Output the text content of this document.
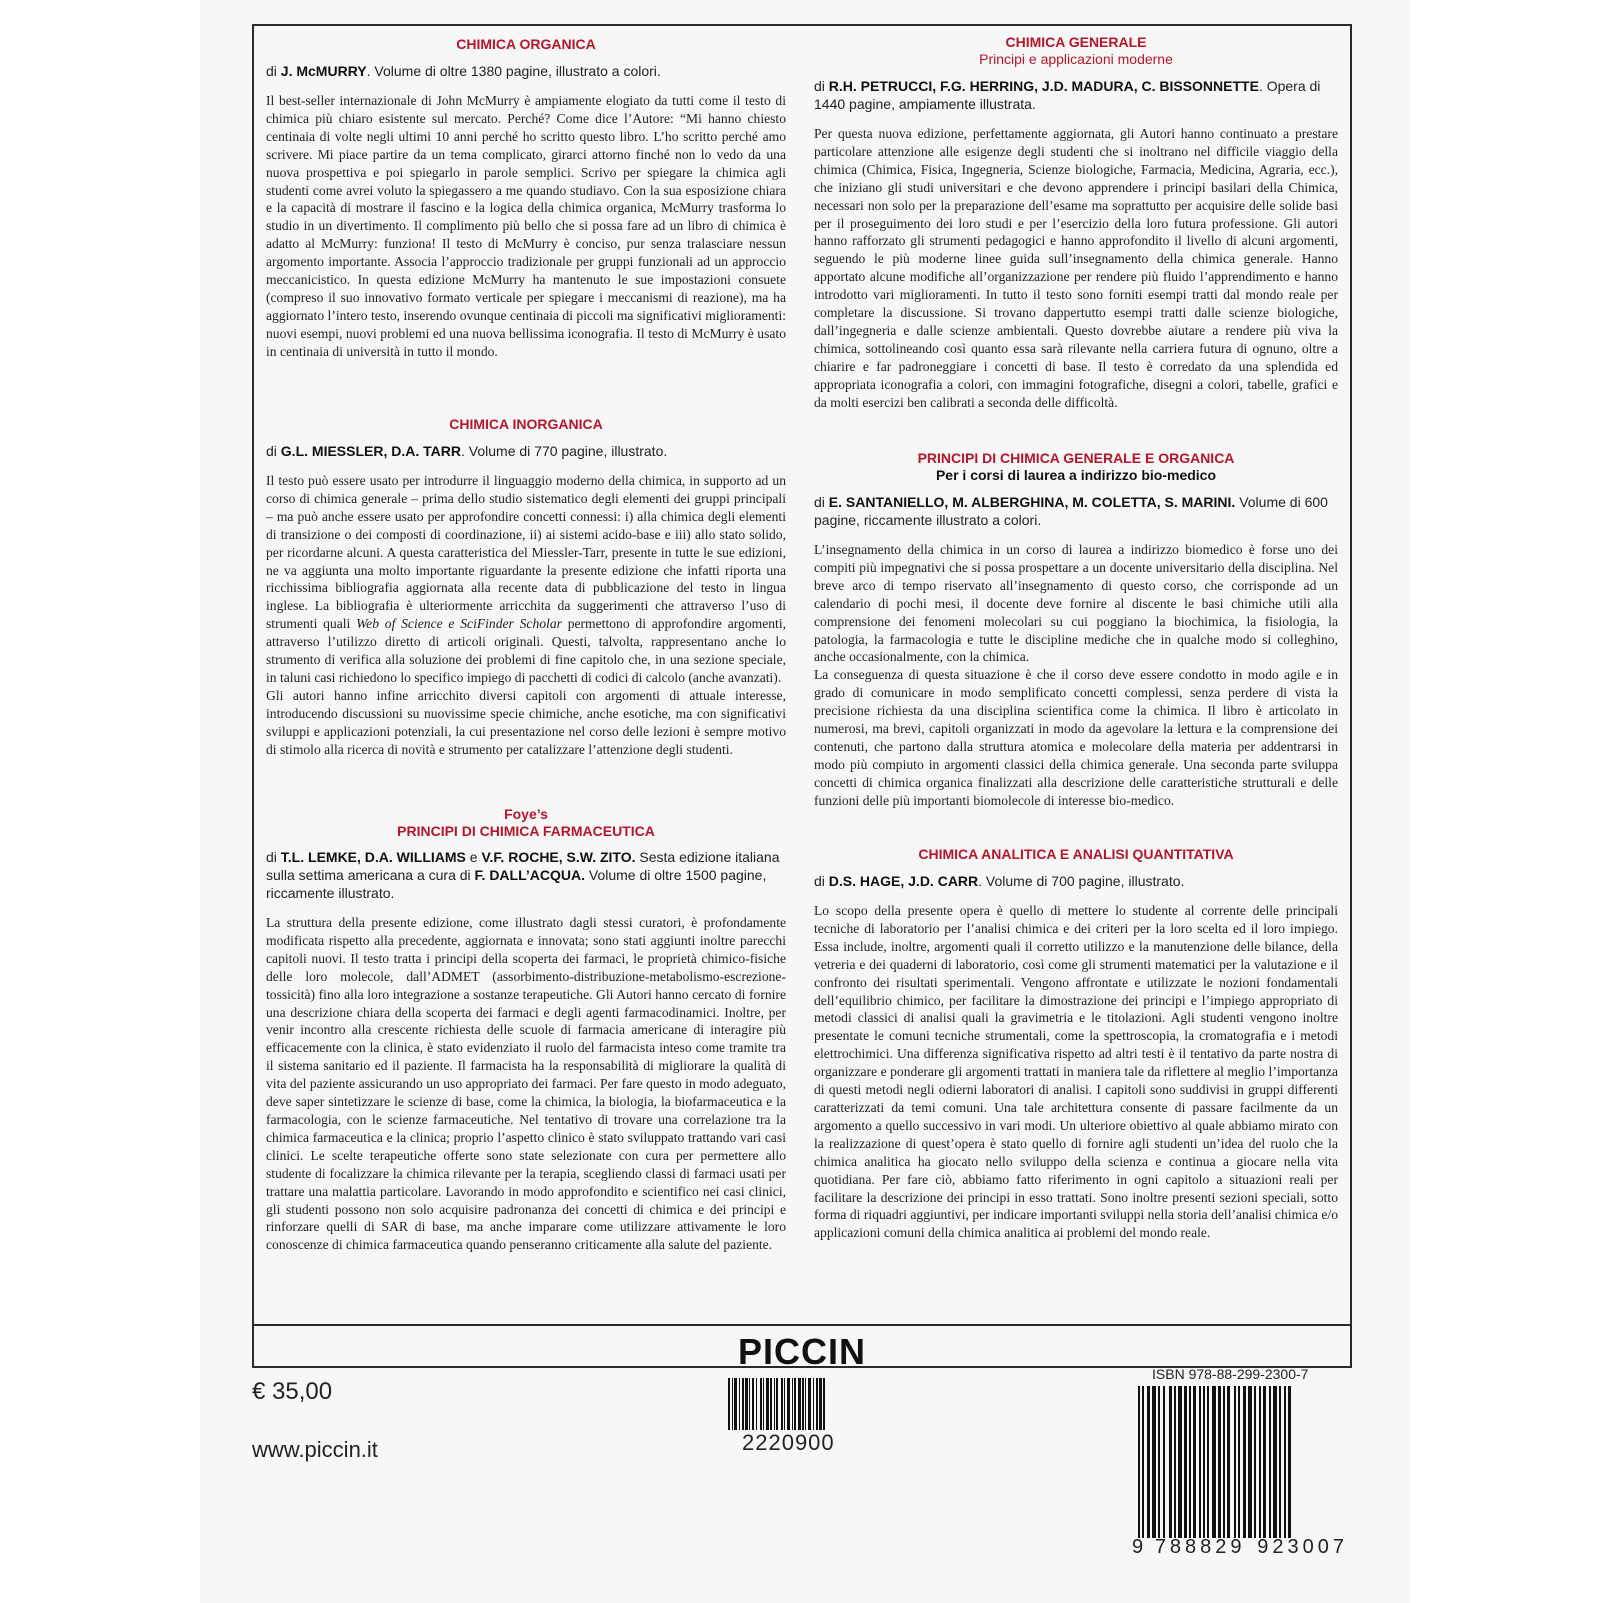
CHIMICA ORGANICA

di J. McMURRY. Volume di oltre 1380 pagine, illustrato a colori.

Il best-seller internazionale di John McMurry è ampiamente elogiato da tutti come il testo di chimica più chiaro esistente sul mercato. Perché? Come dice l’Autore: “Mi hanno chiesto centinaia di volte negli ultimi 10 anni perché ho scritto questo libro. L’ho scritto perché amo scrivere. Mi piace partire da un tema complicato, girarci attorno finché non lo vedo da una nuova prospettiva e poi spiegarlo in parole semplici. Scrivo per spiegare la chimica agli studenti come avrei voluto la spiegassero a me quando studiavo. Con la sua esposizione chiara e la capacità di mostrare il fascino e la logica della chimica organica, McMurry trasforma lo studio in un divertimento. Il complimento più bello che si possa fare ad un libro di chimica è adatto al McMurry: funziona! Il testo di McMurry è conciso, pur senza tralasciare nessun argomento importante. Associa l’approccio tradizionale per gruppi funzionali ad un approccio meccanicistico. In questa edizione McMurry ha mantenuto le sue impostazioni consuete (compreso il suo innovativo formato verticale per spiegare i meccanismi di reazione), ma ha aggiornato l’intero testo, inserendo ovunque centinaia di piccoli ma significativi miglioramenti: nuovi esempi, nuovi problemi ed una nuova bellissima iconografia. Il testo di McMurry è usato in centinaia di università in tutto il mondo.

CHIMICA INORGANICA

di G.L. MIESSLER, D.A. TARR. Volume di 770 pagine, illustrato.

Il testo può essere usato per introdurre il linguaggio moderno della chimica, in supporto ad un corso di chimica generale – prima dello studio sistematico degli elementi dei gruppi principali – ma può anche essere usato per approfondire concetti connessi: i) alla chimica degli elementi di transizione o dei composti di coordinazione, ii) ai sistemi acido-base e iii) allo stato solido, per ricordarne alcuni. A questa caratteristica del Miessler-Tarr, presente in tutte le sue edizioni, ne va aggiunta una molto importante riguardante la presente edizione che infatti riporta una ricchissima bibliografia aggiornata alla recente data di pubblicazione del testo in lingua inglese. La bibliografia è ulteriormente arricchita da suggerimenti che attraverso l’uso di strumenti quali Web of Science e SciFinder Scholar permettono di approfondire argomenti, attraverso l’utilizzo diretto di articoli originali. Questi, talvolta, rappresentano anche lo strumento di verifica alla soluzione dei problemi di fine capitolo che, in una sezione speciale, in taluni casi richiedono lo specifico impiego di pacchetti di codici di calcolo (anche avanzati).

Gli autori hanno infine arricchito diversi capitoli con argomenti di attuale interesse, introducendo discussioni su nuovissime specie chimiche, anche esotiche, ma con significativi sviluppi e applicazioni potenziali, la cui presentazione nel corso delle lezioni è sempre motivo di stimolo alla ricerca di novità e strumento per catalizzare l’attenzione degli studenti.

Foye’s

PRINCIPI DI CHIMICA FARMACEUTICA

di T.L. LEMKE, D.A. WILLIAMS e V.F. ROCHE, S.W. ZITO. Sesta edizione italiana sulla settima americana a cura di F. DALL’ACQUA. Volume di oltre 1500 pagine, riccamente illustrato.

La struttura della presente edizione, come illustrato dagli stessi curatori, è profondamente modificata rispetto alla precedente, aggiornata e innovata; sono stati aggiunti inoltre parecchi capitoli nuovi. Il testo tratta i principi della scoperta dei farmaci, le proprietà chimico-fisiche delle loro molecole, dall’ADMET (assorbimento-distribuzione-metabolismo-escrezione-tossicità) fino alla loro integrazione a sostanze terapeutiche. Gli Autori hanno cercato di fornire una descrizione chiara della scoperta dei farmaci e degli agenti farmacodinamici. Inoltre, per venir incontro alla crescente richiesta delle scuole di farmacia americane di interagire più efficacemente con la clinica, è stato evidenziato il ruolo del farmacista inteso come tramite tra il sistema sanitario ed il paziente. Il farmacista ha la responsabilità di migliorare la qualità di vita del paziente assicurando un uso appropriato dei farmaci. Per fare questo in modo adeguato, deve saper sintetizzare le scienze di base, come la chimica, la biologia, la biofarmaceutica e la farmacologia, con le scienze farmaceutiche. Nel tentativo di trovare una correlazione tra la chimica farmaceutica e la clinica; proprio l’aspetto clinico è stato sviluppato trattando vari casi clinici. Le scelte terapeutiche offerte sono state selezionate con cura per permettere allo studente di focalizzare la chimica rilevante per la terapia, scegliendo classi di farmaci usati per trattare una malattia particolare. Lavorando in modo approfondito e scientifico nei casi clinici, gli studenti possono non solo acquisire padronanza dei concetti di chimica e dei principi e rinforzare quelli di SAR di base, ma anche imparare come utilizzare attivamente le loro conoscenze di chimica farmaceutica quando penseranno criticamente alla salute del paziente.

CHIMICA GENERALE

Principi e applicazioni moderne

di R.H. PETRUCCI, F.G. HERRING, J.D. MADURA, C. BISSONNETTE. Opera di 1440 pagine, ampiamente illustrata.

Per questa nuova edizione, perfettamente aggiornata, gli Autori hanno continuato a prestare particolare attenzione alle esigenze degli studenti che si inoltrano nel difficile viaggio della chimica (Chimica, Fisica, Ingegneria, Scienze biologiche, Farmacia, Medicina, Agraria, ecc.), che iniziano gli studi universitari e che devono apprendere i principi basilari della Chimica, necessari non solo per la preparazione dell’esame ma soprattutto per acquisire delle solide basi per il proseguimento dei loro studi e per l’esercizio della loro futura professione. Gli autori hanno rafforzato gli strumenti pedagogici e hanno approfondito il livello di alcuni argomenti, seguendo le più moderne linee guida sull’insegnamento della chimica generale. Hanno apportato alcune modifiche all’organizzazione per rendere più fluido l’apprendimento e hanno introdotto vari miglioramenti. In tutto il testo sono forniti esempi tratti dal mondo reale per completare la discussione. Si trovano dappertutto esempi tratti dalle scienze biologiche, dall’ingegneria e dalle scienze ambientali. Questo dovrebbe aiutare a rendere più viva la chimica, sottolineando così quanto essa sarà rilevante nella carriera futura di ognuno, oltre a chiarire e far padroneggiare i concetti di base. Il testo è corredato da una splendida ed appropriata iconografia a colori, con immagini fotografiche, disegni a colori, tabelle, grafici e da molti esercizi ben calibrati a seconda delle difficoltà.

PRINCIPI DI CHIMICA GENERALE E ORGANICA

Per i corsi di laurea a indirizzo bio-medico

di E. SANTANIELLO, M. ALBERGHINA, M. COLETTA, S. MARINI. Volume di 600 pagine, riccamente illustrato a colori.

L’insegnamento della chimica in un corso di laurea a indirizzo biomedico è forse uno dei compiti più impegnativi che si possa prospettare a un docente universitario della disciplina. Nel breve arco di tempo riservato all’insegnamento di questo corso, che corrisponde ad un calendario di pochi mesi, il docente deve fornire al discente le basi chimiche utili alla comprensione dei fenomeni molecolari su cui poggiano la biochimica, la fisiologia, la patologia, la farmacologia e tutte le discipline mediche che in qualche modo si colleghino, anche occasionalmente, con la chimica.

La conseguenza di questa situazione è che il corso deve essere condotto in modo agile e in grado di comunicare in modo semplificato concetti complessi, senza perdere di vista la precisione richiesta da una disciplina scientifica come la chimica. Il libro è articolato in numerosi, ma brevi, capitoli organizzati in modo da agevolare la lettura e la comprensione dei contenuti, che partono dalla struttura atomica e molecolare della materia per addentrarsi in modo più compiuto in argomenti classici della chimica generale. Una seconda parte sviluppa concetti di chimica organica finalizzati alla descrizione delle caratteristiche strutturali e delle funzioni delle più importanti biomolecole di interesse bio-medico.

CHIMICA ANALITICA E ANALISI QUANTITATIVA

di D.S. HAGE, J.D. CARR. Volume di 700 pagine, illustrato.

Lo scopo della presente opera è quello di mettere lo studente al corrente delle principali tecniche di laboratorio per l’analisi chimica e dei criteri per la loro scelta ed il loro impiego. Essa include, inoltre, argomenti quali il corretto utilizzo e la manutenzione delle bilance, della vetreria e dei quaderni di laboratorio, così come gli strumenti matematici per la valutazione e il confronto dei risultati sperimentali. Vengono affrontate e utilizzate le nozioni fondamentali dell’equilibrio chimico, per facilitare la dimostrazione dei principi e l’impiego appropriato di metodi classici di analisi quali la gravimetria e le titolazioni. Agli studenti vengono inoltre presentate le comuni tecniche strumentali, come la spettroscopia, la cromatografia e i metodi elettrochimici. Una differenza significativa rispetto ad altri testi è il tentativo da parte nostra di organizzare e ponderare gli argomenti trattati in maniera tale da riflettere al meglio l’importanza di questi metodi negli odierni laboratori di analisi. I capitoli sono suddivisi in gruppi differenti caratterizzati da temi comuni. Una tale architettura consente di passare facilmente da un argomento a quello successivo in vari modi. Un ulteriore obiettivo al quale abbiamo mirato con la realizzazione di quest’opera è stato quello di fornire agli studenti un’idea del ruolo che la chimica analitica ha giocato nello sviluppo della scienza e continua a giocare nella vita quotidiana. Per fare ciò, abbiamo fatto riferimento in ogni capitolo a situazioni reali per facilitare la descrizione dei principi in esso trattati. Sono inoltre presenti sezioni speciali, sotto forma di riquadri aggiuntivi, per indicare importanti sviluppi nella storia dell’analisi chimica e/o applicazioni comuni della chimica analitica ai problemi del mondo reale.

PICCIN
€ 35,00
www.piccin.it	2220900
ISBN 978-88-299-2300-7
9 788829 923007
